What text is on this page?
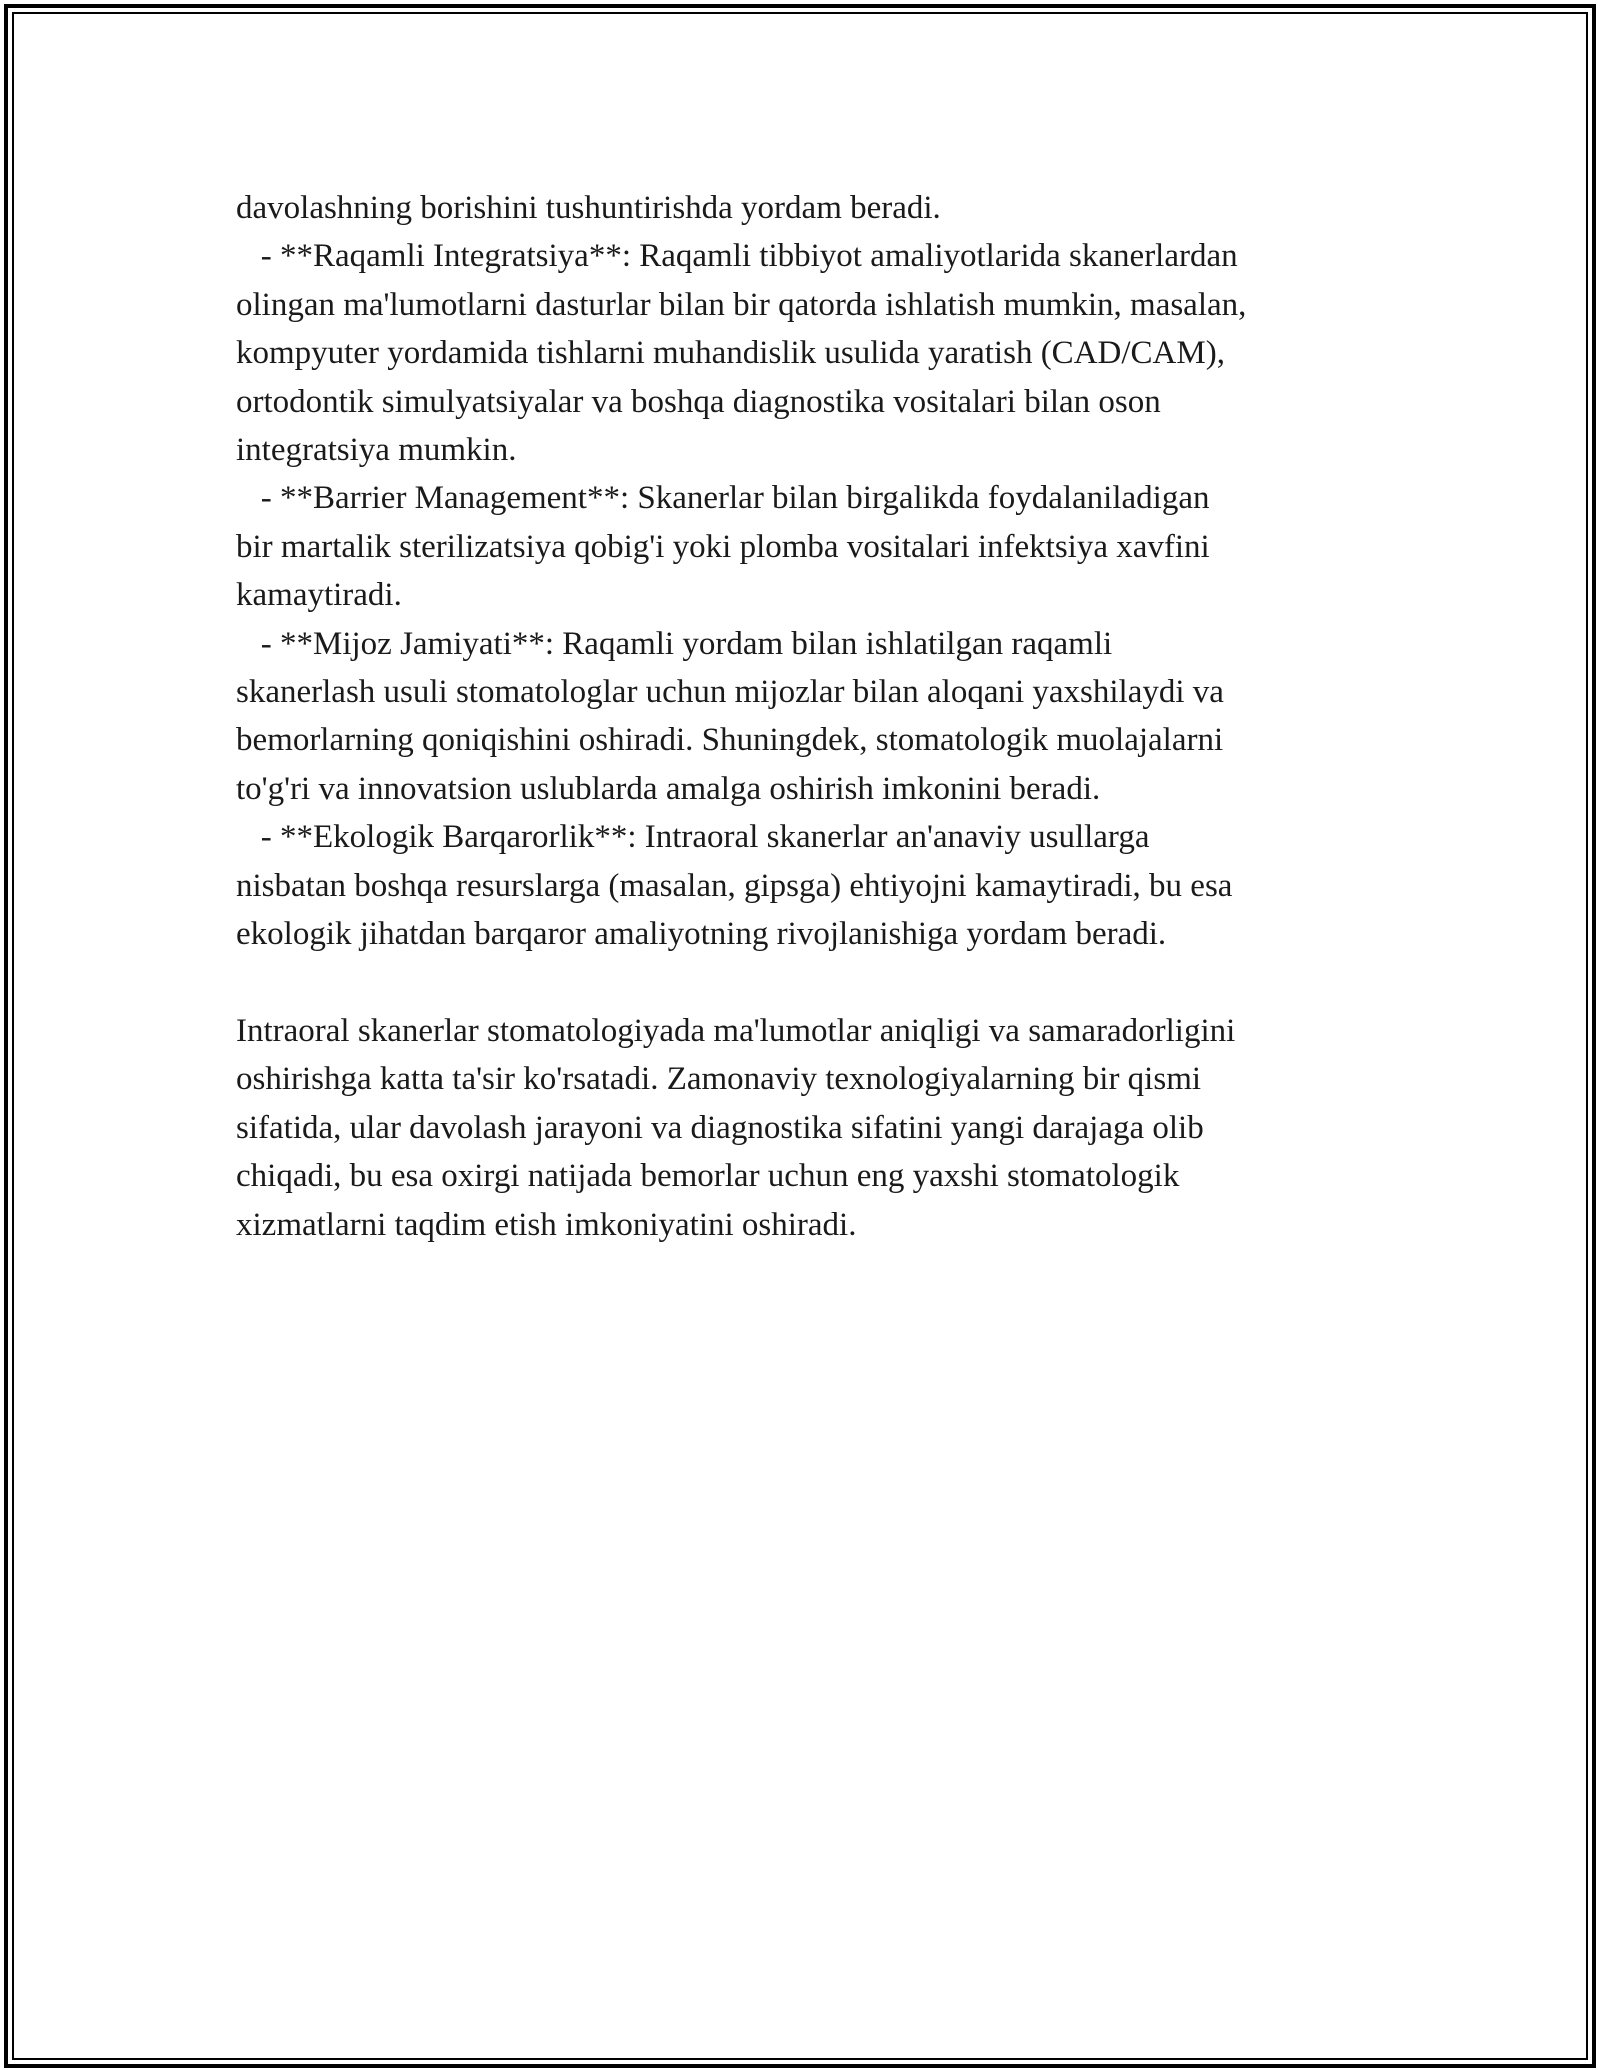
davolashning borishini tushuntirishda yordam beradi.
- **Raqamli Integratsiya**: Raqamli tibbiyot amaliyotlarida skanerlardan
olingan ma'lumotlarni dasturlar bilan bir qatorda ishlatish mumkin, masalan,
kompyuter yordamida tishlarni muhandislik usulida yaratish (CAD/CAM),
ortodontik simulyatsiyalar va boshqa diagnostika vositalari bilan oson
integratsiya mumkin.
- **Barrier Management**: Skanerlar bilan birgalikda foydalaniladigan
bir martalik sterilizatsiya qobig'i yoki plomba vositalari infektsiya xavfini
kamaytiradi.
- **Mijoz Jamiyati**: Raqamli yordam bilan ishlatilgan raqamli
skanerlash usuli stomatologlar uchun mijozlar bilan aloqani yaxshilaydi va
bemorlarning qoniqishini oshiradi. Shuningdek, stomatologik muolajalarni
to'g'ri va innovatsion uslublarda amalga oshirish imkonini beradi.
- **Ekologik Barqarorlik**: Intraoral skanerlar an'anaviy usullarga
nisbatan boshqa resurslarga (masalan, gipsga) ehtiyojni kamaytiradi, bu esa
ekologik jihatdan barqaror amaliyotning rivojlanishiga yordam beradi.
Intraoral skanerlar stomatologiyada ma'lumotlar aniqligi va samaradorligini
oshirishga katta ta'sir ko'rsatadi. Zamonaviy texnologiyalarning bir qismi
sifatida, ular davolash jarayoni va diagnostika sifatini yangi darajaga olib
chiqadi, bu esa oxirgi natijada bemorlar uchun eng yaxshi stomatologik
xizmatlarni taqdim etish imkoniyatini oshiradi.
